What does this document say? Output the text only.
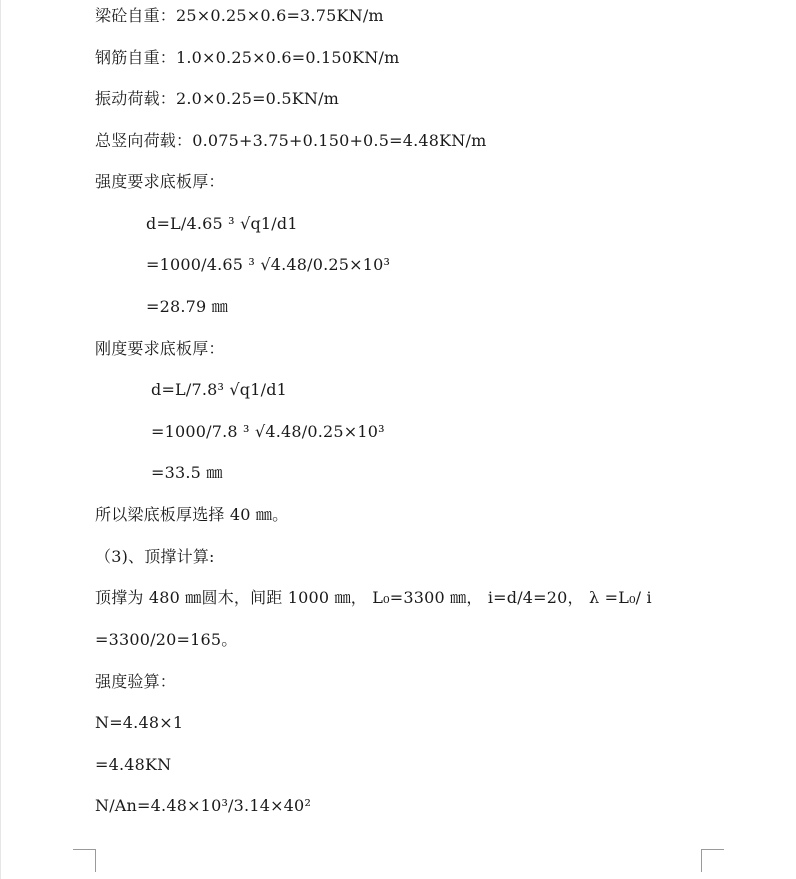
梁砼自重：25×0.25×0.6=3.75KN/m
钢筋自重：1.0×0.25×0.6=0.150KN/m
振动荷载：2.0×0.25=0.5KN/m
总竖向荷载：0.075+3.75+0.150+0.5=4.48KN/m
强度要求底板厚：
d=L/4.65 ³ √q1/d1
=1000/4.65 ³ √4.48/0.25×10³
=28.79 ㎜
刚度要求底板厚：
d=L/7.8³ √q1/d1
=1000/7.8 ³ √4.48/0.25×10³
=33.5 ㎜
所以梁底板厚选择 40 ㎜。
（3)、顶撑计算:
顶撑为 480 ㎜圆木，间距 1000 ㎜， L₀=3300 ㎜， i=d/4=20， λ =L₀/ i
=3300/20=165。
强度验算：
N=4.48×1
=4.48KN
N/An=4.48×10³/3.14×40²
